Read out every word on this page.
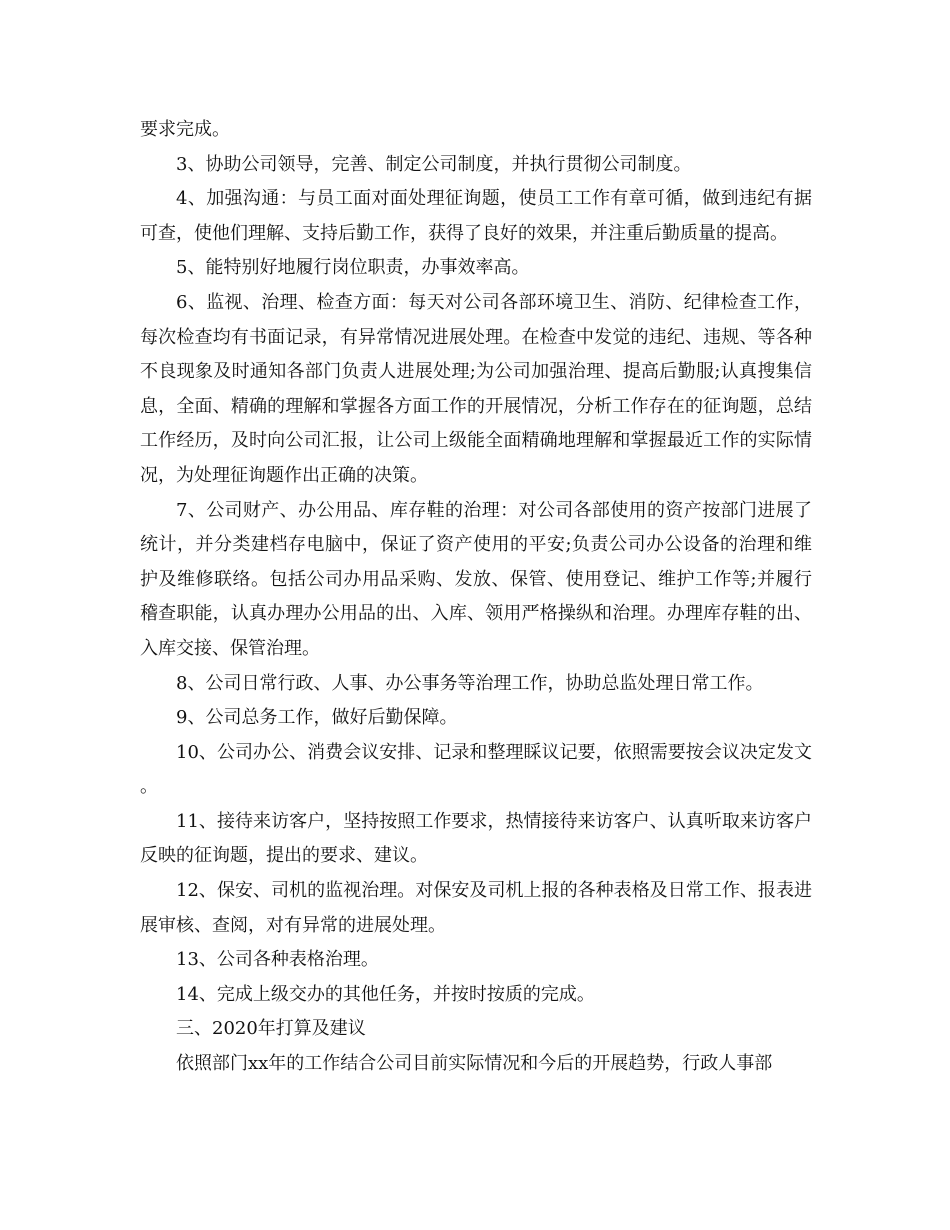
要求完成。

3、协助公司领导，完善、制定公司制度，并执行贯彻公司制度。

4、加强沟通：与员工面对面处理征询题，使员工工作有章可循，做到违纪有据可查，使他们理解、支持后勤工作，获得了良好的效果，并注重后勤质量的提高。

5、能特别好地履行岗位职责，办事效率高。

6、监视、治理、检查方面：每天对公司各部环境卫生、消防、纪律检查工作，每次检查均有书面记录，有异常情况进展处理。在检查中发觉的违纪、违规、等各种不良现象及时通知各部门负责人进展处理;为公司加强治理、提高后勤服;认真搜集信息，全面、精确的理解和掌握各方面工作的开展情况，分析工作存在的征询题，总结工作经历，及时向公司汇报，让公司上级能全面精确地理解和掌握最近工作的实际情况，为处理征询题作出正确的决策。

7、公司财产、办公用品、库存鞋的治理：对公司各部使用的资产按部门进展了统计，并分类建档存电脑中，保证了资产使用的平安;负责公司办公设备的治理和维护及维修联络。包括公司办用品采购、发放、保管、使用登记、维护工作等;并履行稽查职能，认真办理办公用品的出、入库、领用严格操纵和治理。办理库存鞋的出、入库交接、保管治理。

8、公司日常行政、人事、办公事务等治理工作，协助总监处理日常工作。

9、公司总务工作，做好后勤保障。

10、公司办公、消费会议安排、记录和整理睬议记要，依照需要按会议决定发文。

11、接待来访客户，坚持按照工作要求，热情接待来访客户、认真听取来访客户反映的征询题，提出的要求、建议。

12、保安、司机的监视治理。对保安及司机上报的各种表格及日常工作、报表进展审核、查阅，对有异常的进展处理。

13、公司各种表格治理。

14、完成上级交办的其他任务，并按时按质的完成。

三、2020年打算及建议

依照部门xx年的工作结合公司目前实际情况和今后的开展趋势，行政人事部
